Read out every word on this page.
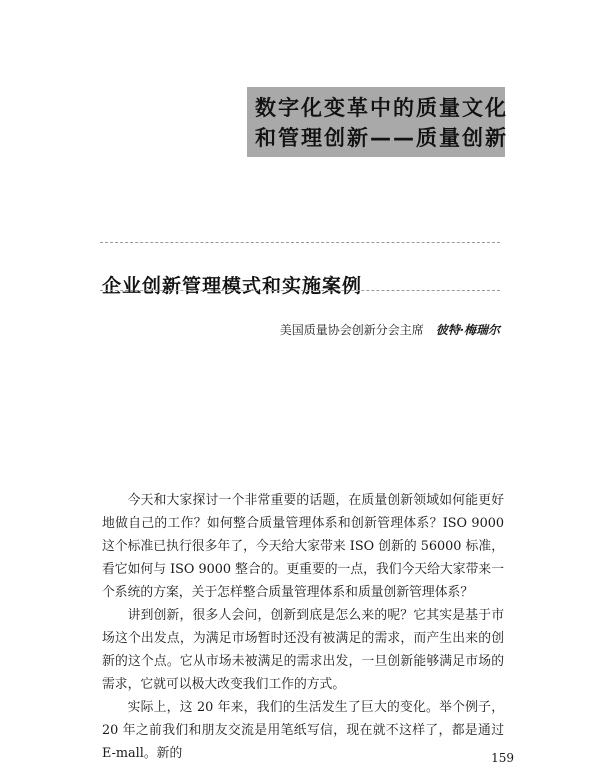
数字化变革中的质量文化
和管理创新——质量创新
企业创新管理模式和实施案例
美国质量协会创新分会主席 彼特·梅瑞尔

今天和大家探讨一个非常重要的话题，在质量创新领域如何能更好地做自己的工作？如何整合质量管理体系和创新管理体系？ISO 9000 这个标准已执行很多年了，今天给大家带来 ISO 创新的 56000 标准，看它如何与 ISO 9000 整合的。更重要的一点，我们今天给大家带来一个系统的方案，关于怎样整合质量管理体系和质量创新管理体系？

讲到创新，很多人会问，创新到底是怎么来的呢？它其实是基于市场这个出发点，为满足市场暂时还没有被满足的需求，而产生出来的创新的这个点。它从市场未被满足的需求出发，一旦创新能够满足市场的需求，它就可以极大改变我们工作的方式。

实际上，这 20 年来，我们的生活发生了巨大的变化。举个例子，20 年之前我们和朋友交流是用笔纸写信，现在就不这样了，都是通过 E-mall。新的	159
